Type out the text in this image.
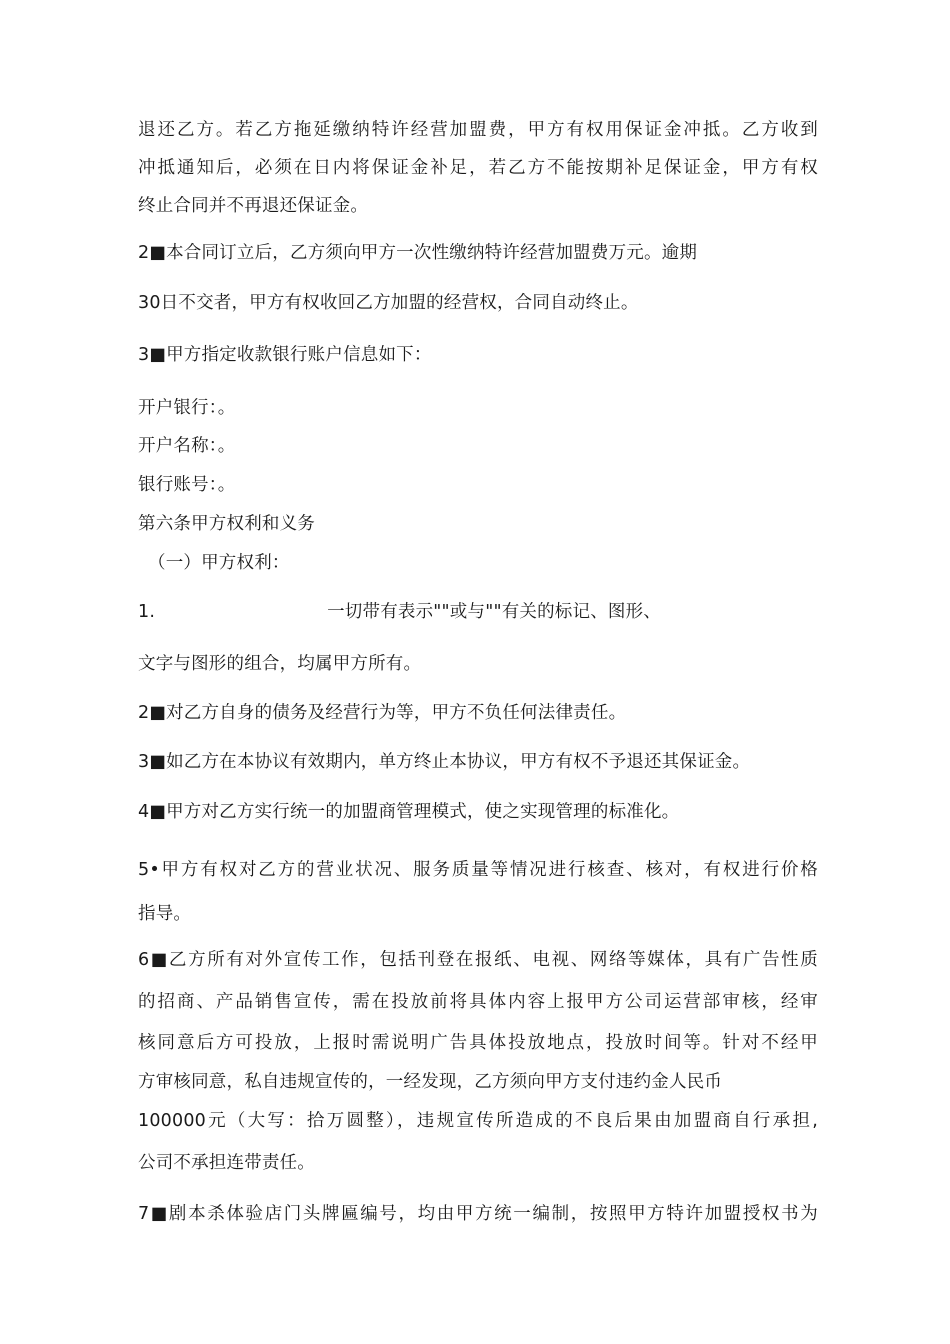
退还乙方。若乙方拖延缴纳特许经营加盟费，甲方有权用保证金冲抵。乙方收到
冲抵通知后，必须在日内将保证金补足，若乙方不能按期补足保证金，甲方有权
终止合同并不再退还保证金。
2■本合同订立后，乙方须向甲方一次性缴纳特许经营加盟费万元。逾期
30日不交者，甲方有权收回乙方加盟的经营权，合同自动终止。
3■甲方指定收款银行账户信息如下：
开户银行：。
开户名称：。
银行账号：。
第六条甲方权利和义务
（一）甲方权利：
1.	一切带有表示""或与""有关的标记、图形、
文字与图形的组合，均属甲方所有。
2■对乙方自身的债务及经营行为等，甲方不负任何法律责任。
3■如乙方在本协议有效期内，单方终止本协议，甲方有权不予退还其保证金。
4■甲方对乙方实行统一的加盟商管理模式，使之实现管理的标准化。
5•甲方有权对乙方的营业状况、服务质量等情况进行核查、核对，有权进行价格
指导。
6■乙方所有对外宣传工作，包括刊登在报纸、电视、网络等媒体，具有广告性质
的招商、产品销售宣传，需在投放前将具体内容上报甲方公司运营部审核，经审
核同意后方可投放，上报时需说明广告具体投放地点，投放时间等。针对不经甲
方审核同意，私自违规宣传的，一经发现，乙方须向甲方支付违约金人民币
100000元（大写：拾万圆整），违规宣传所造成的不良后果由加盟商自行承担,
公司不承担连带责任。
7■剧本杀体验店门头牌匾编号，均由甲方统一编制，按照甲方特许加盟授权书为
